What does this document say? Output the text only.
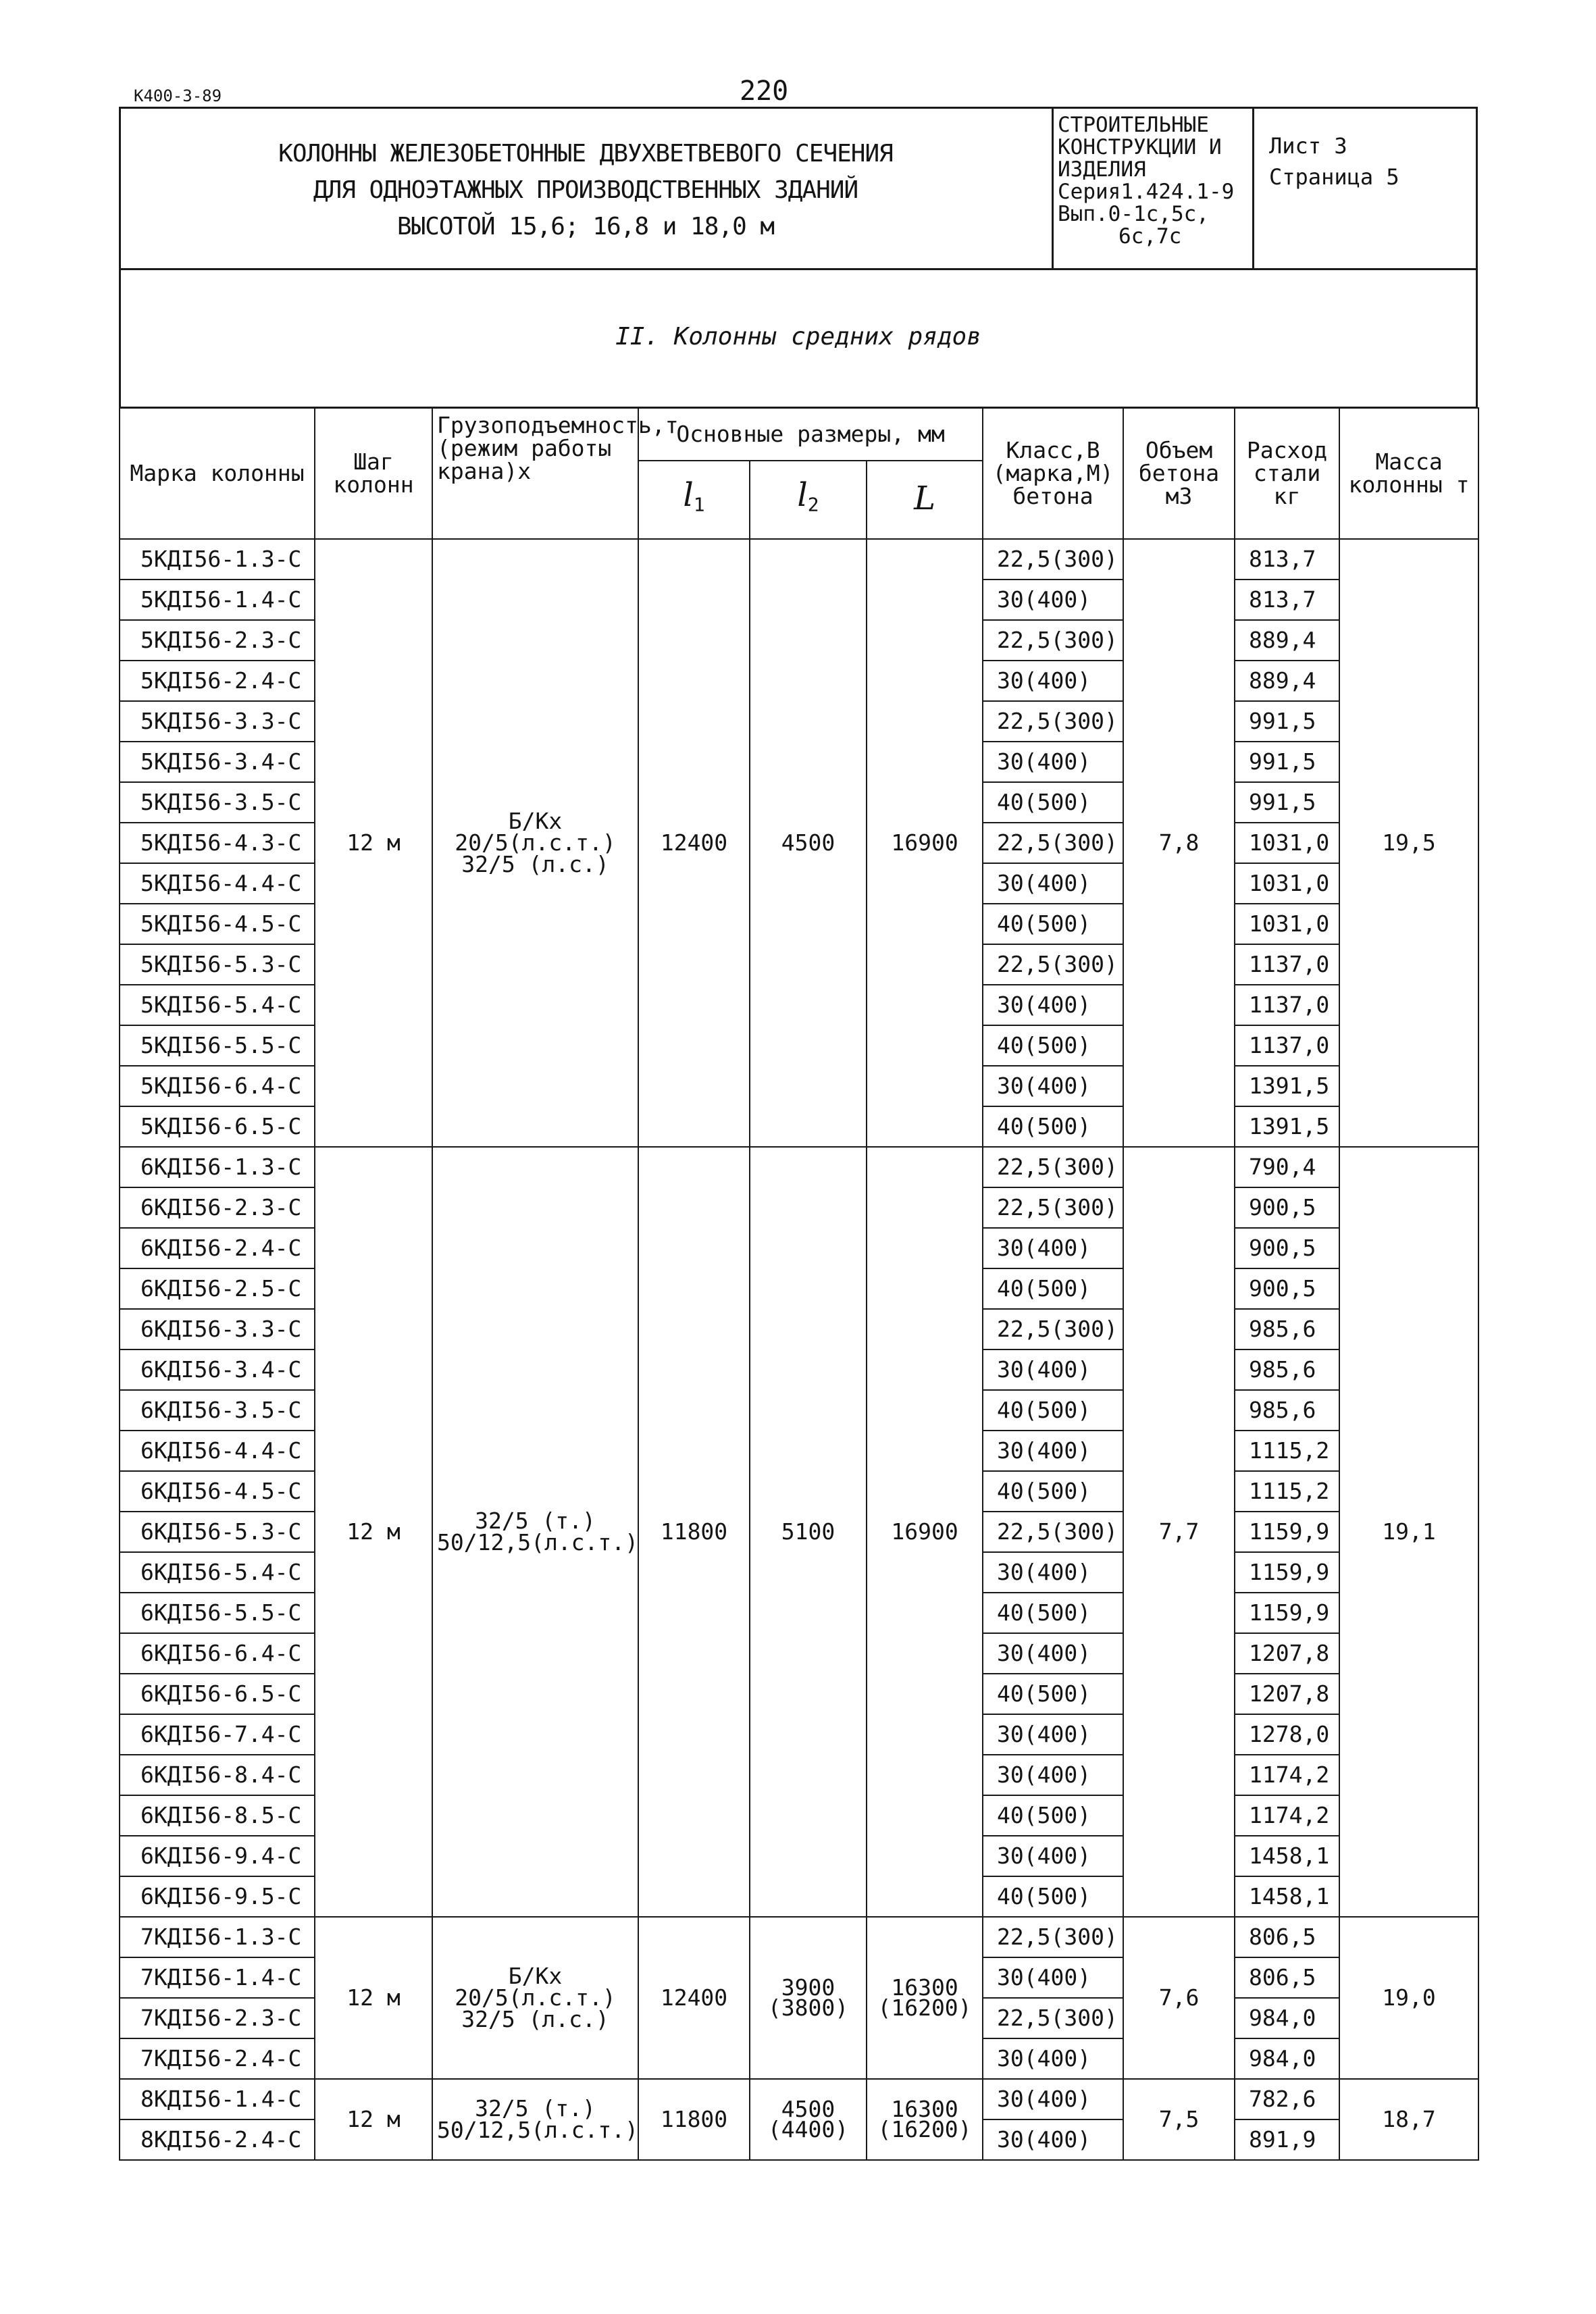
220
К400-3-89
КОЛОННЫ ЖЕЛЕЗОБЕТОННЫЕ ДВУХВЕТВЕВОГО СЕЧЕНИЯ
ДЛЯ ОДНОЭТАЖНЫХ ПРОИЗВОДСТВЕННЫХ ЗДАНИЙ
ВЫСОТОЙ 15,6; 16,8 и 18,0 м
СТРОИТЕЛЬНЫЕ
КОНСТРУКЦИИ И
ИЗДЕЛИЯ
Серия1.424.1-9
Вып.0-1с,5с,
6с,7с
Лист 3
Страница 5
II. Колонны средних рядов
Марка колонны	Шаг колонн	Грузоподъемность,т (режим работы крана)х	Основные размеры, мм			Класс,В (марка,М) бетона	Объем бетона м3	Расход стали кг	Масса колонны т
			$l_1$	$l_2$	L				
5КДI56-1.3-С	12 м	Б/Кх
20/5(л.с.т.)
32/5 (л.с.)	12400	4500	16900	22,5(300)	7,8	813,7	19,5
5КДI56-1.4-С						30(400)		813,7	
5КДI56-2.3-С						22,5(300)		889,4	
5КДI56-2.4-С						30(400)		889,4	
5КДI56-3.3-С						22,5(300)		991,5	
5КДI56-3.4-С						30(400)		991,5	
5КДI56-3.5-С						40(500)		991,5	
5КДI56-4.3-С						22,5(300)		1031,0	
5КДI56-4.4-С						30(400)		1031,0	
5КДI56-4.5-С						40(500)		1031,0	
5КДI56-5.3-С						22,5(300)		1137,0	
5КДI56-5.4-С						30(400)		1137,0	
5КДI56-5.5-С						40(500)		1137,0	
5КДI56-6.4-С						30(400)		1391,5	
5КДI56-6.5-С						40(500)		1391,5	
6КДI56-1.3-С	12 м	32/5 (т.)
50/12,5(л.с.т.)	11800	5100	16900	22,5(300)	7,7	790,4	19,1
6КДI56-2.3-С						22,5(300)		900,5	
6КДI56-2.4-С						30(400)		900,5	
6КДI56-2.5-С						40(500)		900,5	
6КДI56-3.3-С						22,5(300)		985,6	
6КДI56-3.4-С						30(400)		985,6	
6КДI56-3.5-С						40(500)		985,6	
6КДI56-4.4-С						30(400)		1115,2	
6КДI56-4.5-С						40(500)		1115,2	
6КДI56-5.3-С						22,5(300)		1159,9	
6КДI56-5.4-С						30(400)		1159,9	
6КДI56-5.5-С						40(500)		1159,9	
6КДI56-6.4-С						30(400)		1207,8	
6КДI56-6.5-С						40(500)		1207,8	
6КДI56-7.4-С						30(400)		1278,0	
6КДI56-8.4-С						30(400)		1174,2	
6КДI56-8.5-С						40(500)		1174,2	
6КДI56-9.4-С						30(400)		1458,1	
6КДI56-9.5-С						40(500)		1458,1	
7КДI56-1.3-С	12 м	Б/Кх
20/5(л.с.т.)
32/5 (л.с.)	12400	3900 (3800)	16300 (16200)	22,5(300)	7,6	806,5	19,0
7КДI56-1.4-С						30(400)		806,5	
7КДI56-2.3-С						22,5(300)		984,0	
7КДI56-2.4-С						30(400)		984,0	
8КДI56-1.4-С	12 м	32/5 (т.)
50/12,5(л.с.т.)	11800	4500 (4400)	16300 (16200)	30(400)	7,5	782,6	18,7
8КДI56-2.4-С						30(400)		891,9	
